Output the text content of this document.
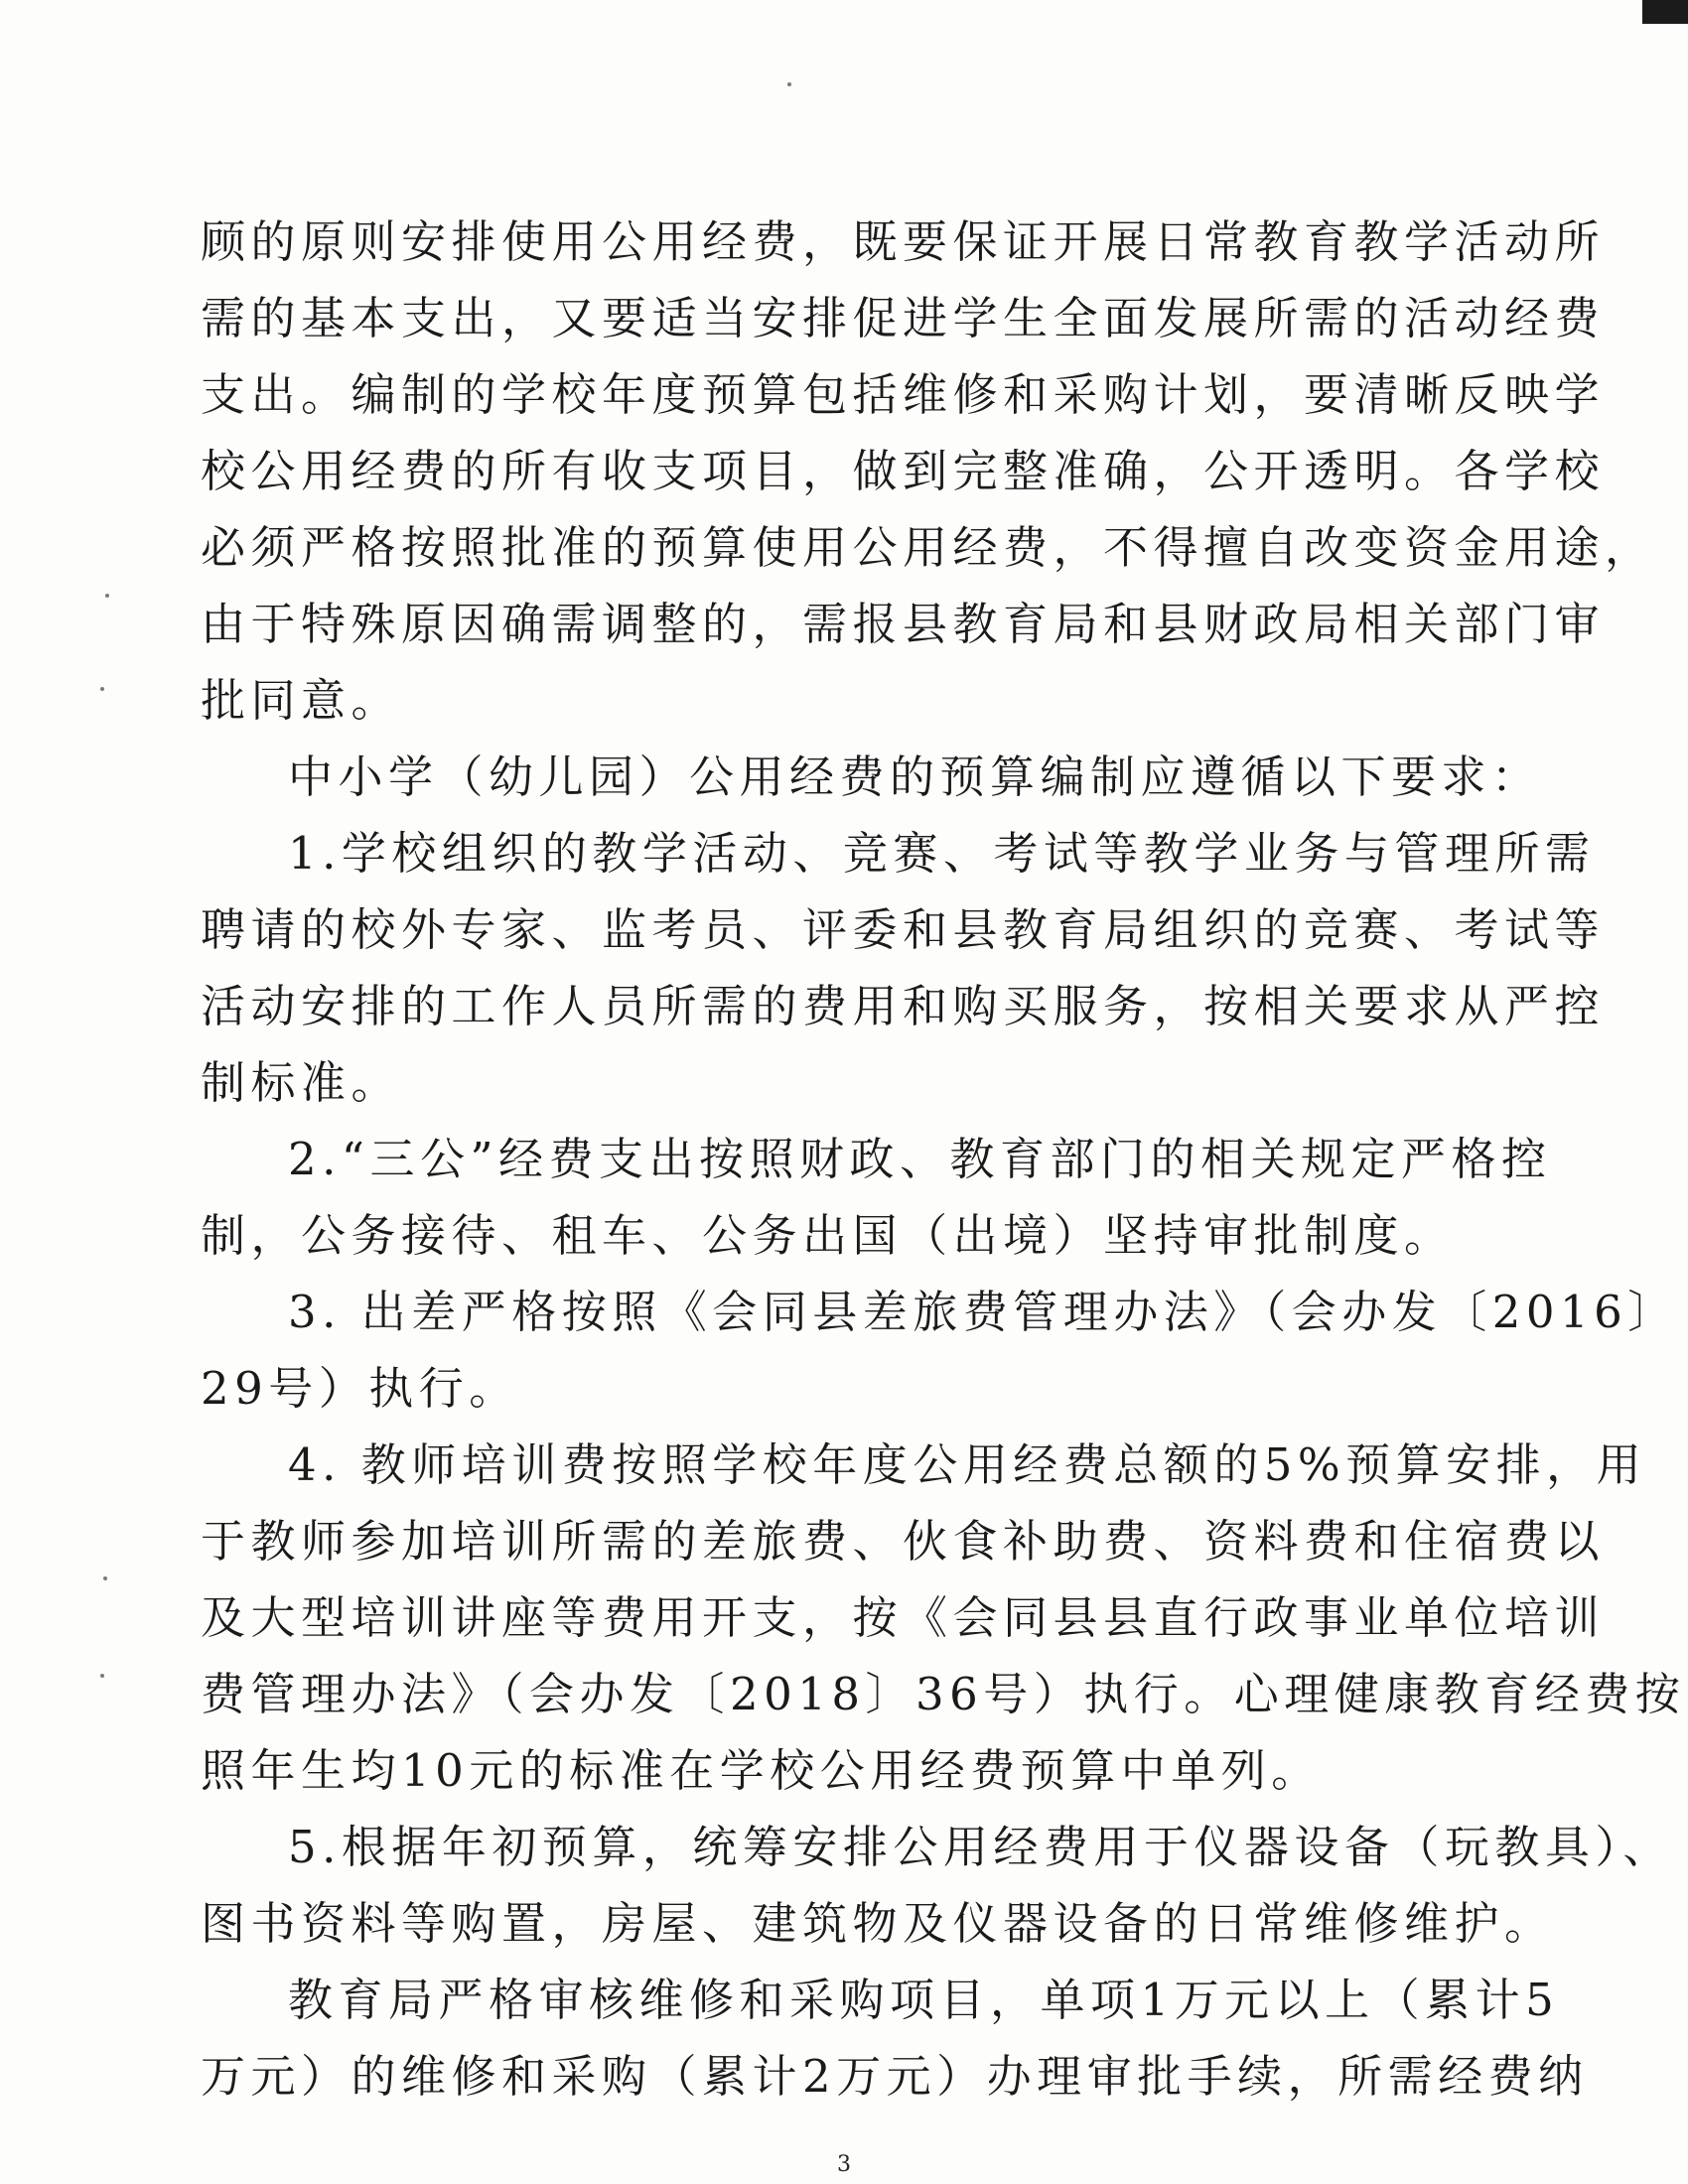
顾的原则安排使用公用经费，既要保证开展日常教育教学活动所
需的基本支出，又要适当安排促进学生全面发展所需的活动经费
支出。编制的学校年度预算包括维修和采购计划，要清晰反映学
校公用经费的所有收支项目，做到完整准确，公开透明。各学校
必须严格按照批准的预算使用公用经费，不得擅自改变资金用途，
由于特殊原因确需调整的，需报县教育局和县财政局相关部门审
批同意。
中小学（幼儿园）公用经费的预算编制应遵循以下要求：
1.学校组织的教学活动、竞赛、考试等教学业务与管理所需
聘请的校外专家、监考员、评委和县教育局组织的竞赛、考试等
活动安排的工作人员所需的费用和购买服务，按相关要求从严控
制标准。
2.“三公”经费支出按照财政、教育部门的相关规定严格控
制，公务接待、租车、公务出国（出境）坚持审批制度。
3. 出差严格按照《会同县差旅费管理办法》（会办发〔2016〕
29号）执行。
4. 教师培训费按照学校年度公用经费总额的5%预算安排，用
于教师参加培训所需的差旅费、伙食补助费、资料费和住宿费以
及大型培训讲座等费用开支，按《会同县县直行政事业单位培训
费管理办法》（会办发〔2018〕36号）执行。心理健康教育经费按
照年生均10元的标准在学校公用经费预算中单列。
5.根据年初预算，统筹安排公用经费用于仪器设备（玩教具）、
图书资料等购置，房屋、建筑物及仪器设备的日常维修维护。
教育局严格审核维修和采购项目，单项1万元以上（累计5
万元）的维修和采购（累计2万元）办理审批手续，所需经费纳
3
